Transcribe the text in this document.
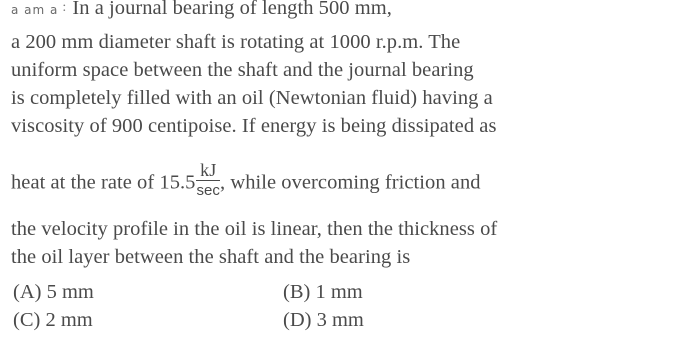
a am a : In a journal bearing of length 500 mm,
a 200 mm diameter shaft is rotating at 1000 r.p.m. The
uniform space between the shaft and the journal bearing
is completely filled with an oil (Newtonian fluid) having a
viscosity of 900 centipoise. If energy is being dissipated as
heat at the rate of $15.5 \frac{kJ}{\sec}$ , while overcoming friction and
the velocity profile in the oil is linear, then the thickness of
the oil layer between the shaft and the bearing is
(A) 5 mm	(B) 1 mm
(C) 2 mm	(D) 3 mm
